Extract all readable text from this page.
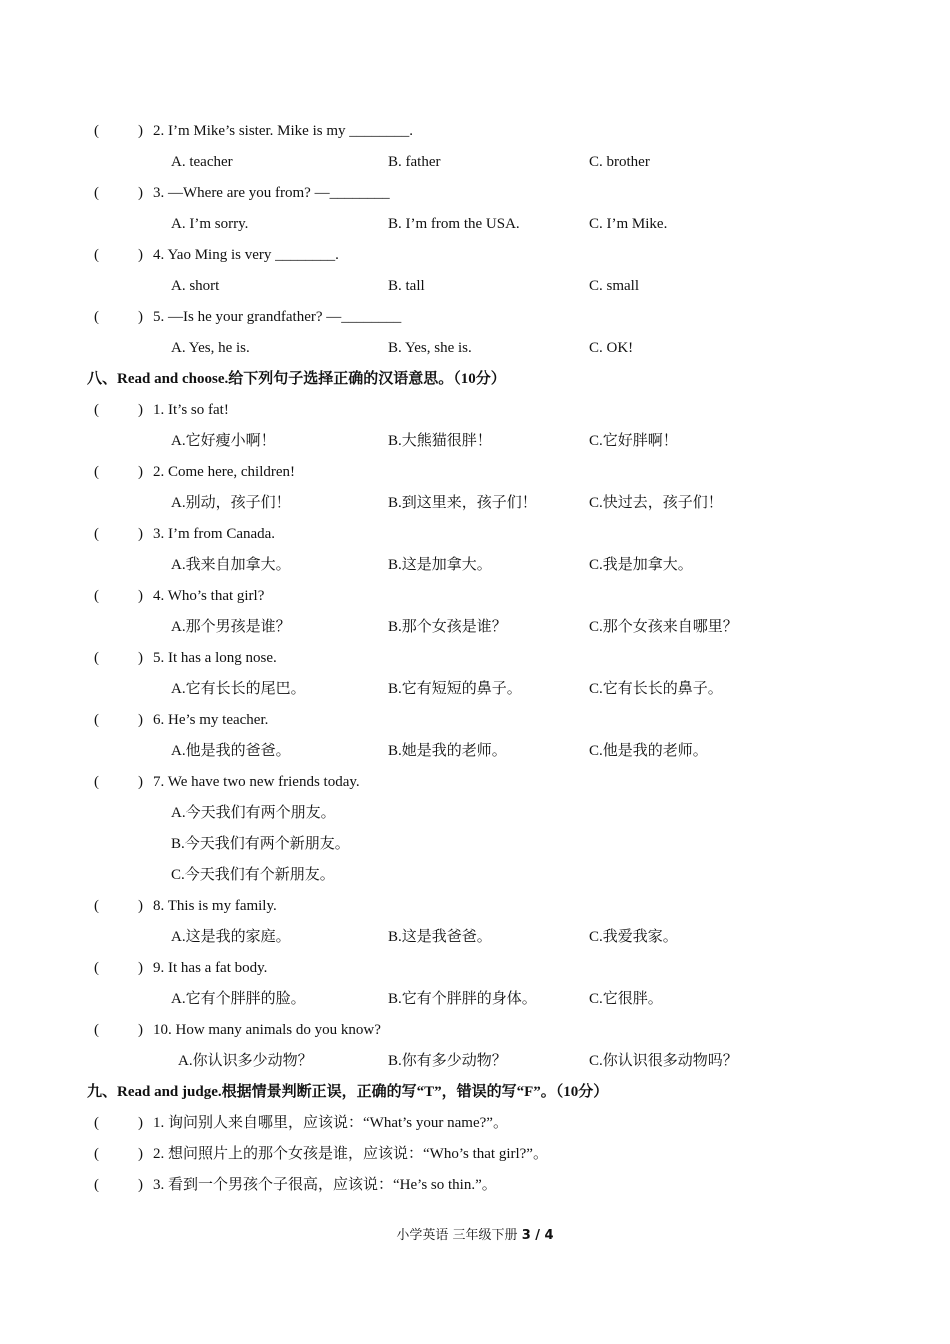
(	) 2. I’m Mike’s sister. Mike is my ________.
A. teacher	B. father	C. brother
(	) 3. —Where are you from? —________
A. I’m sorry.	B. I’m from the USA.	C. I’m Mike.
(	) 4. Yao Ming is very ________.
A. short	B. tall	C. small
(	) 5. —Is he your grandfather? —________
A. Yes, he is.	B. Yes, she is.	C. OK!
八、Read and choose.给下列句子选择正确的汉语意思。（10分）
(	) 1. It’s so fat!
A.它好瘦小啊！	B.大熊猫很胖！	C.它好胖啊！
(	) 2. Come here, children!
A.别动，孩子们！	B.到这里来，孩子们！	C.快过去，孩子们！
(	) 3. I’m from Canada.
A.我来自加拿大。	B.这是加拿大。	C.我是加拿大。
(	) 4. Who’s that girl?
A.那个男孩是谁？	B.那个女孩是谁？	C.那个女孩来自哪里？
(	) 5. It has a long nose.
A.它有长长的尾巴。	B.它有短短的鼻子。	C.它有长长的鼻子。
(	) 6. He’s my teacher.
A.他是我的爸爸。	B.她是我的老师。	C.他是我的老师。
(	) 7. We have two new friends today.
A.今天我们有两个朋友。
B.今天我们有两个新朋友。
C.今天我们有个新朋友。
(	) 8. This is my family.
A.这是我的家庭。	B.这是我爸爸。	C.我爱我家。
(	) 9. It has a fat body.
A.它有个胖胖的脸。	B.它有个胖胖的身体。	C.它很胖。
(	) 10. How many animals do you know?
A.你认识多少动物？	B.你有多少动物？	C.你认识很多动物吗？
九、Read and judge.根据情景判断正误，正确的写“T”，错误的写“F”。（10分）
(	) 1. 询问别人来自哪里，应该说：“What’s your name?”。
(	) 2. 想问照片上的那个女孩是谁，应该说：“Who’s that girl?”。
(	) 3. 看到一个男孩个子很高，应该说：“He’s so thin.”。
小学英语 三年级下册 3 / 4
